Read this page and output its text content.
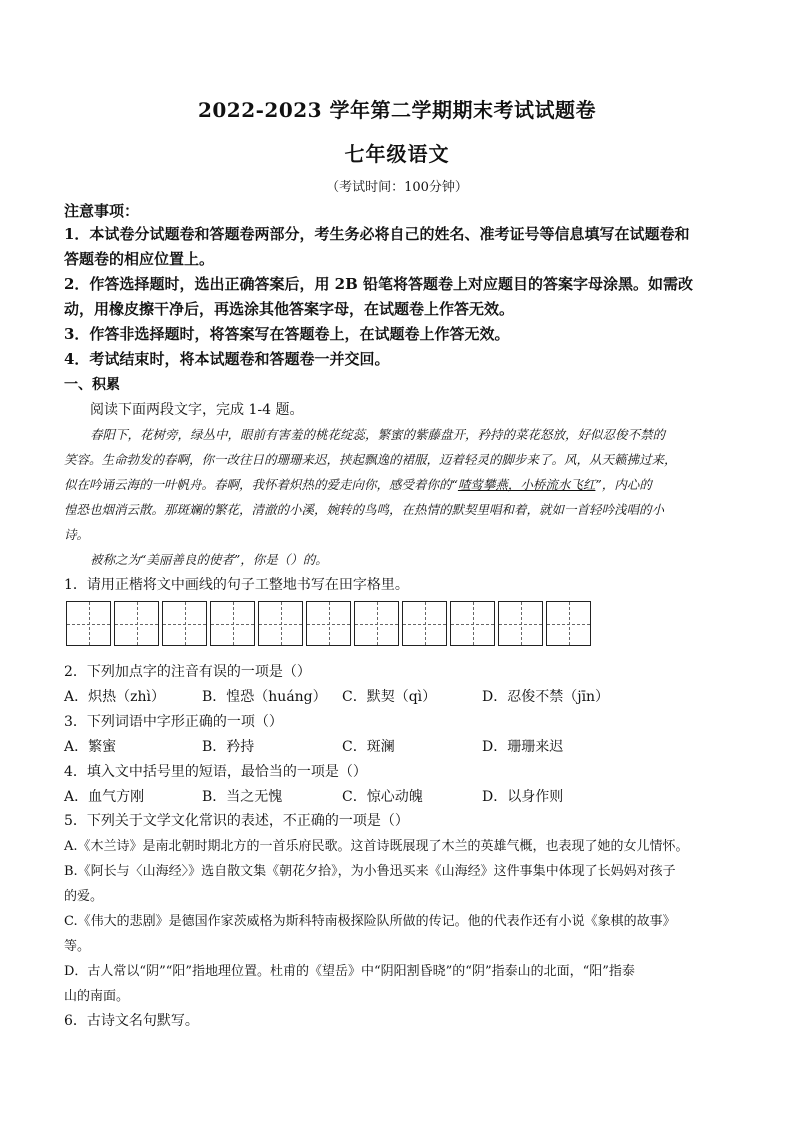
2022-2023 学年第二学期期末考试试题卷
七年级语文
（考试时间：100分钟）
注意事项：
1．本试卷分试题卷和答题卷两部分，考生务必将自己的姓名、准考证号等信息填写在试题卷和
答题卷的相应位置上。
2．作答选择题时，选出正确答案后，用 2B 铅笔将答题卷上对应题目的答案字母涂黑。如需改
动，用橡皮擦干净后，再选涂其他答案字母，在试题卷上作答无效。
3．作答非选择题时，将答案写在答题卷上，在试题卷上作答无效。
4．考试结束时，将本试题卷和答题卷一并交回。
一、积累
阅读下面两段文字，完成 1-4 题。
春阳下，花树旁，绿丛中，眼前有害羞的桃花绽蕊，繁蜜的紫藤盘开，矜持的菜花怒放，好似忍俊不禁的
笑容。生命勃发的春啊，你一改往日的珊珊来迟，挟起飘逸的裙服，迈着轻灵的脚步来了。风，从天籁拂过来，
似在吟诵云海的一叶帆舟。春啊，我怀着炽热的爱走向你，感受着你的“喳莺攀燕，小桥流水飞红”，内心的
惶恐也烟消云散。那斑斓的繁花，清澈的小溪，婉转的鸟鸣，在热情的默契里唱和着，就如一首轻吟浅唱的小
诗。
被称之为“美丽善良的使者”，你是（）的。
1．请用正楷将文中画线的句子工整地书写在田字格里。
2．下列加点字的注音有误的一项是（）
A．炽热（zhì）	B．惶恐（huáng） C．默契（qì）	D．忍俊不禁（jīn）
3．下列词语中字形正确的一项（）
A．繁蜜	B．矜持	C．斑澜	D．珊珊来迟
4．填入文中括号里的短语，最恰当的一项是（）
A．血气方刚	B．当之无愧	C．惊心动魄	D．以身作则
5．下列关于文学文化常识的表述，不正确的一项是（）
A.《木兰诗》是南北朝时期北方的一首乐府民歌。这首诗既展现了木兰的英雄气概，也表现了她的女儿情怀。
B.《阿长与〈山海经〉》选自散文集《朝花夕拾》，为小鲁迅买来《山海经》这件事集中体现了长妈妈对孩子
的爱。
C.《伟大的悲剧》是德国作家茨威格为斯科特南极探险队所做的传记。他的代表作还有小说《象棋的故事》
等。
D．古人常以“阴”“阳”指地理位置。杜甫的《望岳》中“阴阳割昏晓”的“阴”指泰山的北面，“阳”指泰
山的南面。
6．古诗文名句默写。
